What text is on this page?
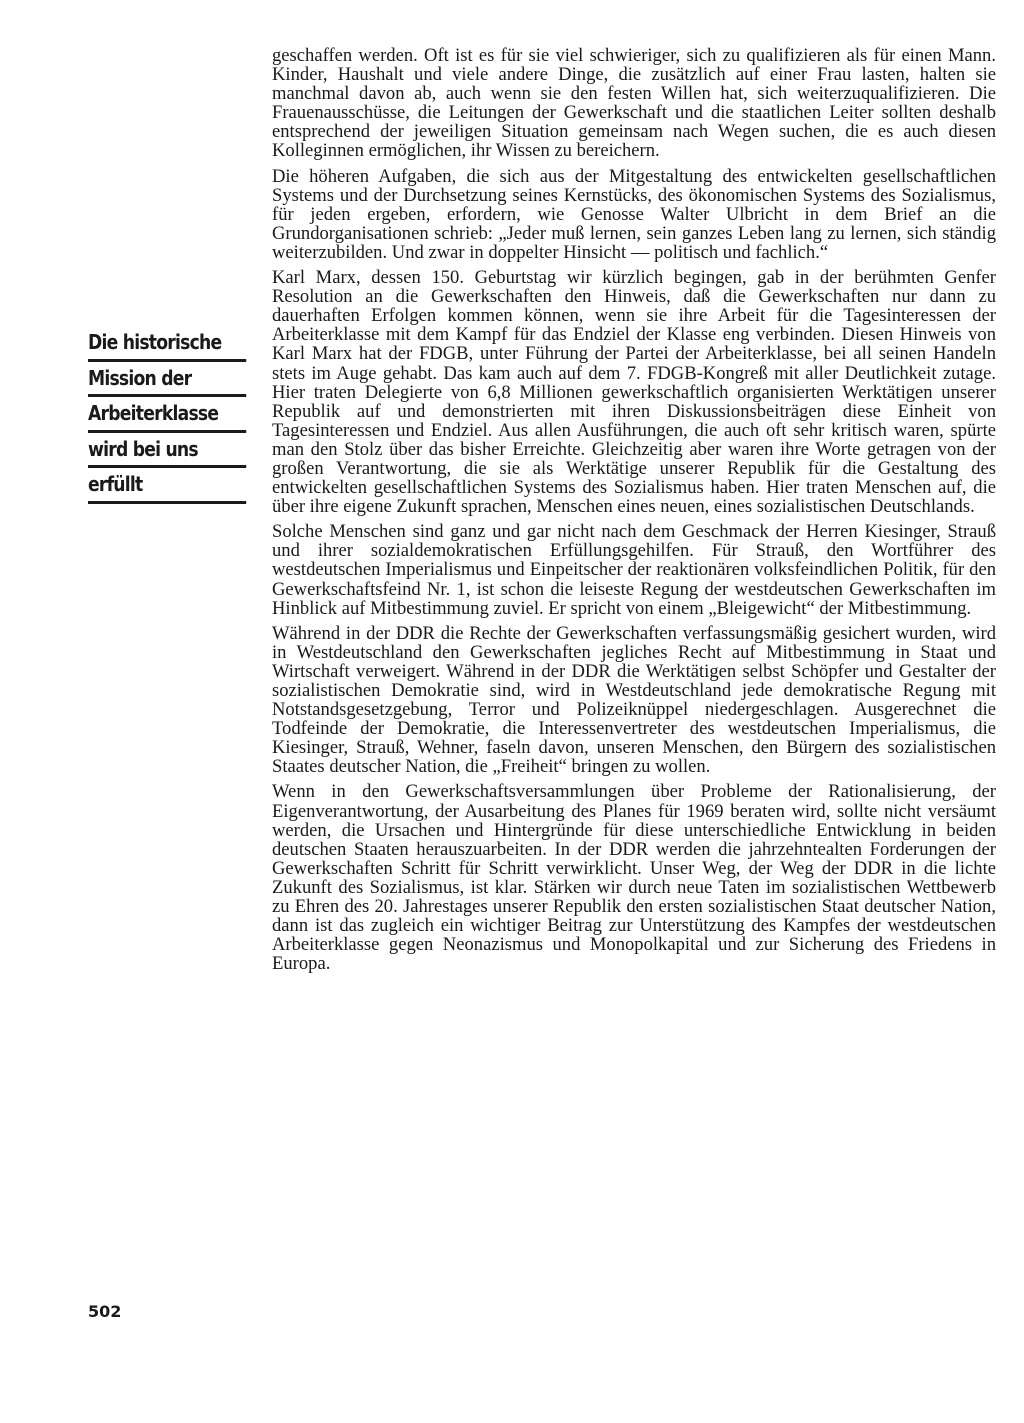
Die historische
Mission der
Arbeiterklasse
wird bei uns
erfüllt

geschaffen werden. Oft ist es für sie viel schwieriger, sich zu qualifizieren als für einen Mann. Kinder, Haushalt und viele andere Dinge, die zusätzlich auf einer Frau lasten, halten sie manchmal davon ab, auch wenn sie den festen Willen hat, sich weiterzuqualifizieren. Die Frauenausschüsse, die Leitungen der Gewerkschaft und die staatlichen Leiter sollten deshalb entsprechend der jeweiligen Situation gemeinsam nach Wegen suchen, die es auch diesen Kolleginnen ermöglichen, ihr Wissen zu bereichern.

Die höheren Aufgaben, die sich aus der Mitgestaltung des entwickelten gesellschaftlichen Systems und der Durchsetzung seines Kernstücks, des ökonomischen Systems des Sozialismus, für jeden ergeben, erfordern, wie Genosse Walter Ulbricht in dem Brief an die Grundorganisationen schrieb: „Jeder muß lernen, sein ganzes Leben lang zu lernen, sich ständig weiterzubilden. Und zwar in doppelter Hinsicht — politisch und fachlich.“

Karl Marx, dessen 150. Geburtstag wir kürzlich begingen, gab in der berühmten Genfer Resolution an die Gewerkschaften den Hinweis, daß die Gewerkschaften nur dann zu dauerhaften Erfolgen kommen können, wenn sie ihre Arbeit für die Tagesinteressen der Arbeiterklasse mit dem Kampf für das Endziel der Klasse eng verbinden. Diesen Hinweis von Karl Marx hat der FDGB, unter Führung der Partei der Arbeiterklasse, bei all seinen Handeln stets im Auge gehabt. Das kam auch auf dem 7. FDGB-Kongreß mit aller Deutlichkeit zutage. Hier traten Delegierte von 6,8 Millionen gewerkschaftlich organisierten Werktätigen unserer Republik auf und demonstrierten mit ihren Diskussionsbeiträgen diese Einheit von Tagesinteressen und Endziel. Aus allen Ausführungen, die auch oft sehr kritisch waren, spürte man den Stolz über das bisher Erreichte. Gleichzeitig aber waren ihre Worte getragen von der großen Verantwortung, die sie als Werktätige unserer Republik für die Gestaltung des entwickelten gesellschaftlichen Systems des Sozialismus haben. Hier traten Menschen auf, die über ihre eigene Zukunft sprachen, Menschen eines neuen, eines sozialistischen Deutschlands.

Solche Menschen sind ganz und gar nicht nach dem Geschmack der Herren Kiesinger, Strauß und ihrer sozialdemokratischen Erfüllungsgehilfen. Für Strauß, den Wortführer des westdeutschen Imperialismus und Einpeitscher der reaktionären volksfeindlichen Politik, für den Gewerkschaftsfeind Nr. 1, ist schon die leiseste Regung der westdeutschen Gewerkschaften im Hinblick auf Mitbestimmung zuviel. Er spricht von einem „Bleigewicht“ der Mitbestimmung.

Während in der DDR die Rechte der Gewerkschaften verfassungsmäßig gesichert wurden, wird in Westdeutschland den Gewerkschaften jegliches Recht auf Mitbestimmung in Staat und Wirtschaft verweigert. Während in der DDR die Werktätigen selbst Schöpfer und Gestalter der sozialistischen Demokratie sind, wird in Westdeutschland jede demokratische Regung mit Notstandsgesetzgebung, Terror und Polizeiknüppel niedergeschlagen. Ausgerechnet die Todfeinde der Demokratie, die Interessenvertreter des westdeutschen Imperialismus, die Kiesinger, Strauß, Wehner, faseln davon, unseren Menschen, den Bürgern des sozialistischen Staates deutscher Nation, die „Freiheit“ bringen zu wollen.

Wenn in den Gewerkschaftsversammlungen über Probleme der Rationalisierung, der Eigenverantwortung, der Ausarbeitung des Planes für 1969 beraten wird, sollte nicht versäumt werden, die Ursachen und Hintergründe für diese unterschiedliche Entwicklung in beiden deutschen Staaten herauszuarbeiten. In der DDR werden die jahrzehntealten Forderungen der Gewerkschaften Schritt für Schritt verwirklicht. Unser Weg, der Weg der DDR in die lichte Zukunft des Sozialismus, ist klar. Stärken wir durch neue Taten im sozialistischen Wettbewerb zu Ehren des 20. Jahrestages unserer Republik den ersten sozialistischen Staat deutscher Nation, dann ist das zugleich ein wichtiger Beitrag zur Unterstützung des Kampfes der westdeutschen Arbeiterklasse gegen Neonazismus und Monopolkapital und zur Sicherung des Friedens in Europa.

502
